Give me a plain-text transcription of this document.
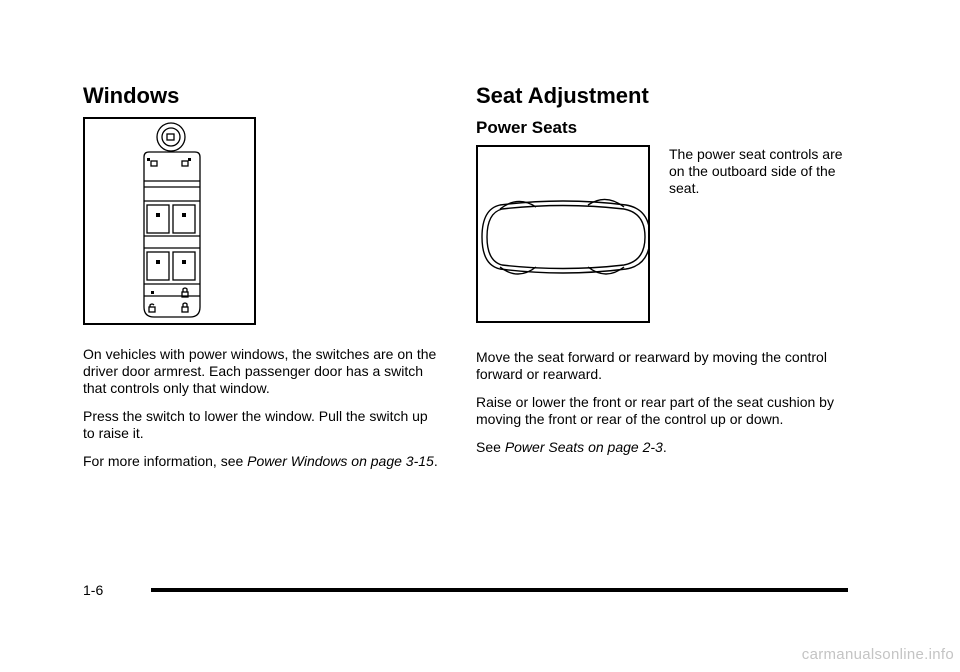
Windows

On vehicles with power windows, the switches are on the driver door armrest. Each passenger door has a switch that controls only that window.

Press the switch to lower the window. Pull the switch up to raise it.

For more information, see Power Windows on page 3-15.

Seat Adjustment
Power Seats

The power seat controls are on the outboard side of the seat.

Move the seat forward or rearward by moving the control forward or rearward.

Raise or lower the front or rear part of the seat cushion by moving the front or rear of the control up or down.

See Power Seats on page 2-3.

1-6
carmanualsonline.info
